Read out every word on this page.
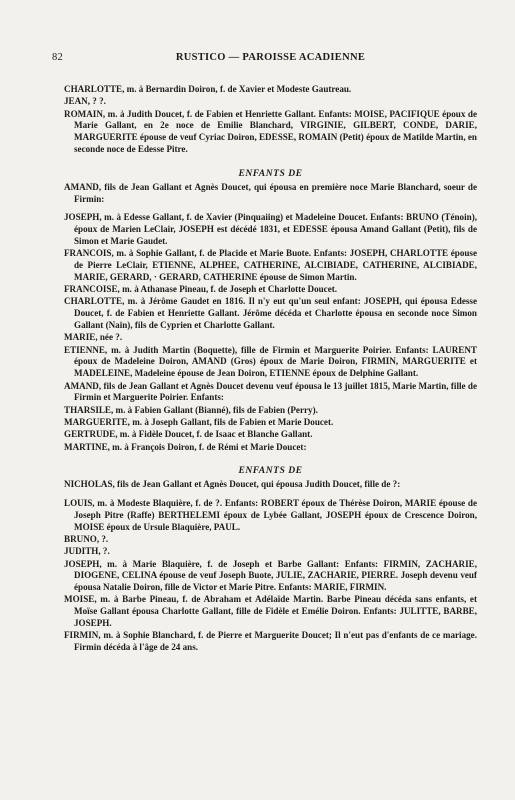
82	RUSTICO — PAROISSE ACADIENNE

CHARLOTTE, m. à Bernardin Doiron, f. de Xavier et Modeste Gautreau.

JEAN, ? ?.

ROMAIN, m. à Judith Doucet, f. de Fabien et Henriette Gallant. Enfants: MOISE, PACIFIQUE époux de Marie Gallant, en 2e noce de Emilie Blanchard, VIRGINIE, GILBERT, CONDE, DARIE, MARGUERITE épouse de veuf Cyriac Doiron, EDESSE, ROMAIN (Petit) époux de Matilde Martin, en seconde noce de Edesse Pitre.

ENFANTS DE

AMAND, fils de Jean Gallant et Agnès Doucet, qui épousa en première noce Marie Blanchard, soeur de Firmin:

JOSEPH, m. à Edesse Gallant, f. de Xavier (Pinquaiing) et Madeleine Doucet. Enfants: BRUNO (Ténoin), époux de Marien LeClair, JOSEPH est décédé 1831, et EDESSE épousa Amand Gallant (Petit), fils de Simon et Marie Gaudet.

FRANCOIS, m. à Sophie Gallant, f. de Placide et Marie Buote. Enfants: JOSEPH, CHARLOTTE épouse de Pierre LeClair, ETIENNE, ALPHEE, CATHERINE, ALCIBIADE, CATHERINE, ALCIBIADE, MARIE, GERARD, · GERARD, CATHERINE épouse de Simon Martin.

FRANCOISE, m. à Athanase Pineau, f. de Joseph et Charlotte Doucet.

CHARLOTTE, m. à Jérôme Gaudet en 1816. Il n'y eut qu'un seul enfant: JOSEPH, qui épousa Edesse Doucet, f. de Fabien et Henriette Gallant. Jérôme décéda et Charlotte épousa en seconde noce Simon Gallant (Nain), fils de Cyprien et Charlotte Gallant.

MARIE, née ?.

ETIENNE, m. à Judith Martin (Boquette), fille de Firmin et Marguerite Poirier. Enfants: LAURENT époux de Madeleine Doiron, AMAND (Gros) époux de Marie Doiron, FIRMIN, MARGUERITE et MADELEINE, Madeleine épouse de Jean Doiron, ETIENNE époux de Delphine Gallant.

AMAND, fils de Jean Gallant et Agnès Doucet devenu veuf épousa le 13 juillet 1815, Marie Martin, fille de Firmin et Marguerite Poirier. Enfants:

THARSILE, m. à Fabien Gallant (Bianné), fils de Fabien (Perry).

MARGUERITE, m. à Joseph Gallant, fils de Fabien et Marie Doucet.

GERTRUDE, m. à Fidèle Doucet, f. de Isaac et Blanche Gallant.

MARTINE, m. à François Doiron, f. de Rémi et Marie Doucet:

ENFANTS DE

NICHOLAS, fils de Jean Gallant et Agnès Doucet, qui épousa Judith Doucet, fille de ?:

LOUIS, m. à Modeste Blaquière, f. de ?. Enfants: ROBERT époux de Thérèse Doiron, MARIE épouse de Joseph Pitre (Raffe) BERTHELEMI époux de Lybée Gallant, JOSEPH époux de Crescence Doiron, MOISE époux de Ursule Blaquière, PAUL.

BRUNO, ?.

JUDITH, ?.

JOSEPH, m. à Marie Blaquière, f. de Joseph et Barbe Gallant: Enfants: FIRMIN, ZACHARIE, DIOGENE, CELINA épouse de veuf Joseph Buote, JULIE, ZACHARIE, PIERRE. Joseph devenu veuf épousa Natalie Doiron, fille de Victor et Marie Pitre. Enfants: MARIE, FIRMIN.

MOISE, m. à Barbe Pineau, f. de Abraham et Adélaïde Martin. Barbe Pineau décéda sans enfants, et Moïse Gallant épousa Charlotte Gallant, fille de Fidèle et Emélie Doiron. Enfants: JULITTE, BARBE, JOSEPH.

FIRMIN, m. à Sophie Blanchard, f. de Pierre et Marguerite Doucet; Il n'eut pas d'enfants de ce mariage. Firmin décéda à l'âge de 24 ans.
